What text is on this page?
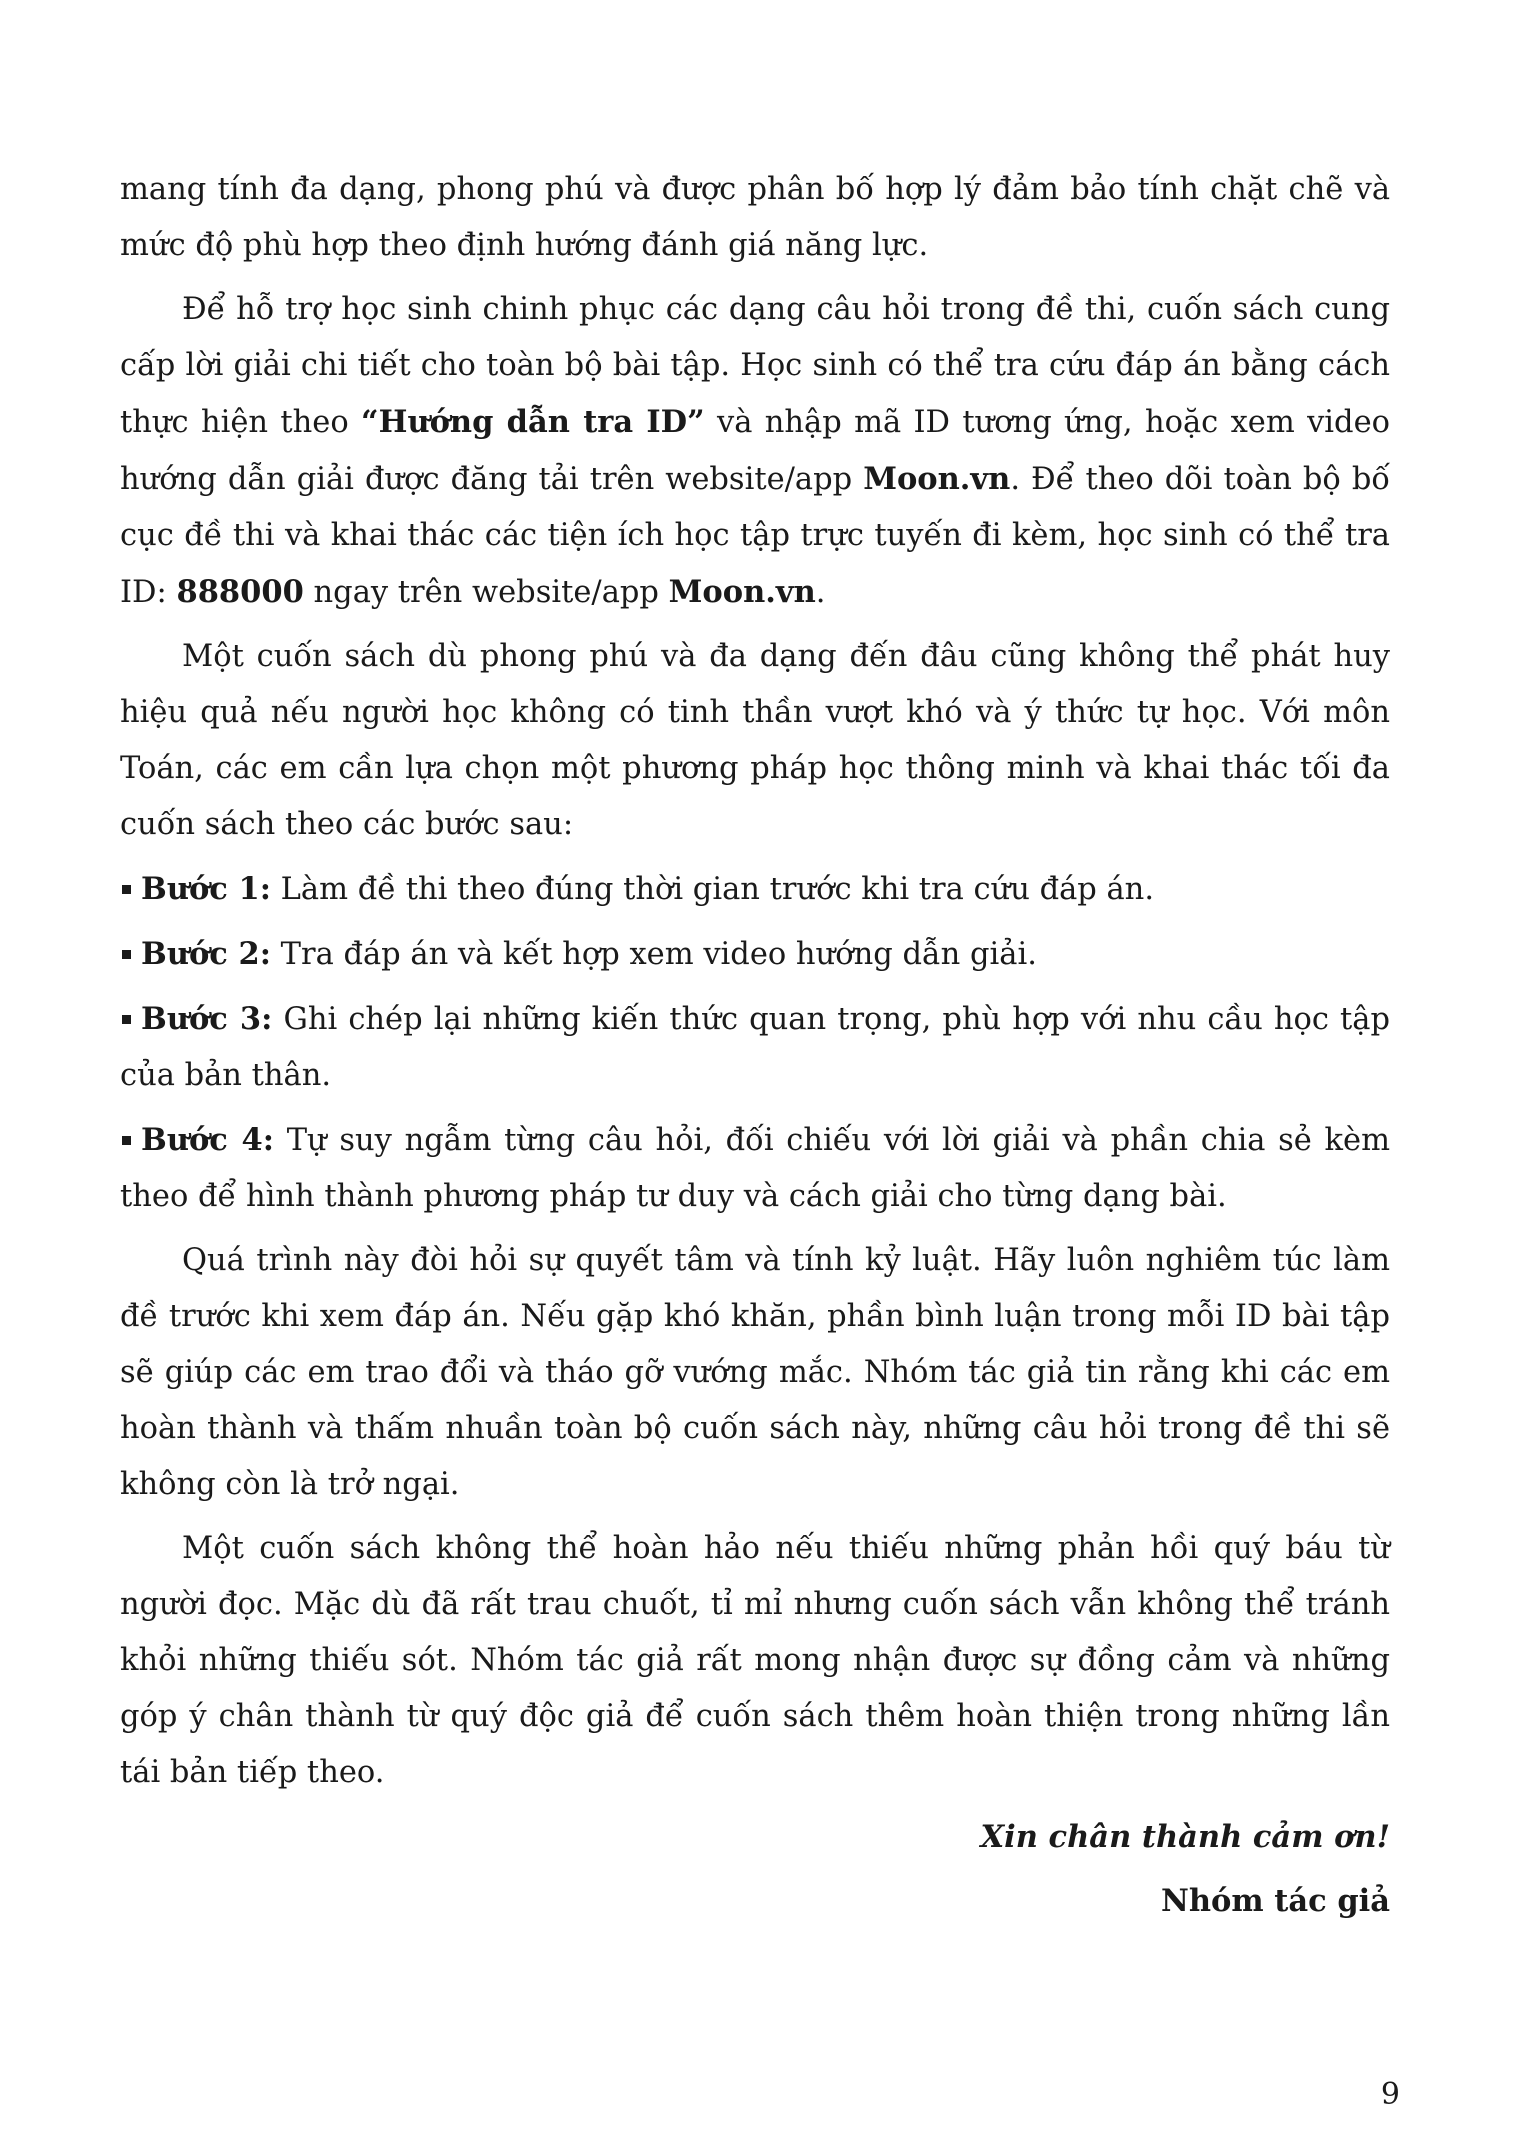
mang tính đa dạng, phong phú và được phân bố hợp lý đảm bảo tính chặt chẽ và mức độ phù hợp theo định hướng đánh giá năng lực.

Để hỗ trợ học sinh chinh phục các dạng câu hỏi trong đề thi, cuốn sách cung cấp lời giải chi tiết cho toàn bộ bài tập. Học sinh có thể tra cứu đáp án bằng cách thực hiện theo “Hướng dẫn tra ID” và nhập mã ID tương ứng, hoặc xem video hướng dẫn giải được đăng tải trên website/app Moon.vn. Để theo dõi toàn bộ bố cục đề thi và khai thác các tiện ích học tập trực tuyến đi kèm, học sinh có thể tra ID: 888000 ngay trên website/app Moon.vn.

Một cuốn sách dù phong phú và đa dạng đến đâu cũng không thể phát huy hiệu quả nếu người học không có tinh thần vượt khó và ý thức tự học. Với môn Toán, các em cần lựa chọn một phương pháp học thông minh và khai thác tối đa cuốn sách theo các bước sau:

Bước 1: Làm đề thi theo đúng thời gian trước khi tra cứu đáp án.
Bước 2: Tra đáp án và kết hợp xem video hướng dẫn giải.
Bước 3: Ghi chép lại những kiến thức quan trọng, phù hợp với nhu cầu học tập của bản thân.
Bước 4: Tự suy ngẫm từng câu hỏi, đối chiếu với lời giải và phần chia sẻ kèm theo để hình thành phương pháp tư duy và cách giải cho từng dạng bài.

Quá trình này đòi hỏi sự quyết tâm và tính kỷ luật. Hãy luôn nghiêm túc làm đề trước khi xem đáp án. Nếu gặp khó khăn, phần bình luận trong mỗi ID bài tập sẽ giúp các em trao đổi và tháo gỡ vướng mắc. Nhóm tác giả tin rằng khi các em hoàn thành và thấm nhuần toàn bộ cuốn sách này, những câu hỏi trong đề thi sẽ không còn là trở ngại.

Một cuốn sách không thể hoàn hảo nếu thiếu những phản hồi quý báu từ người đọc. Mặc dù đã rất trau chuốt, tỉ mỉ nhưng cuốn sách vẫn không thể tránh khỏi những thiếu sót. Nhóm tác giả rất mong nhận được sự đồng cảm và những góp ý chân thành từ quý độc giả để cuốn sách thêm hoàn thiện trong những lần tái bản tiếp theo.

Xin chân thành cảm ơn!

Nhóm tác giả

9
